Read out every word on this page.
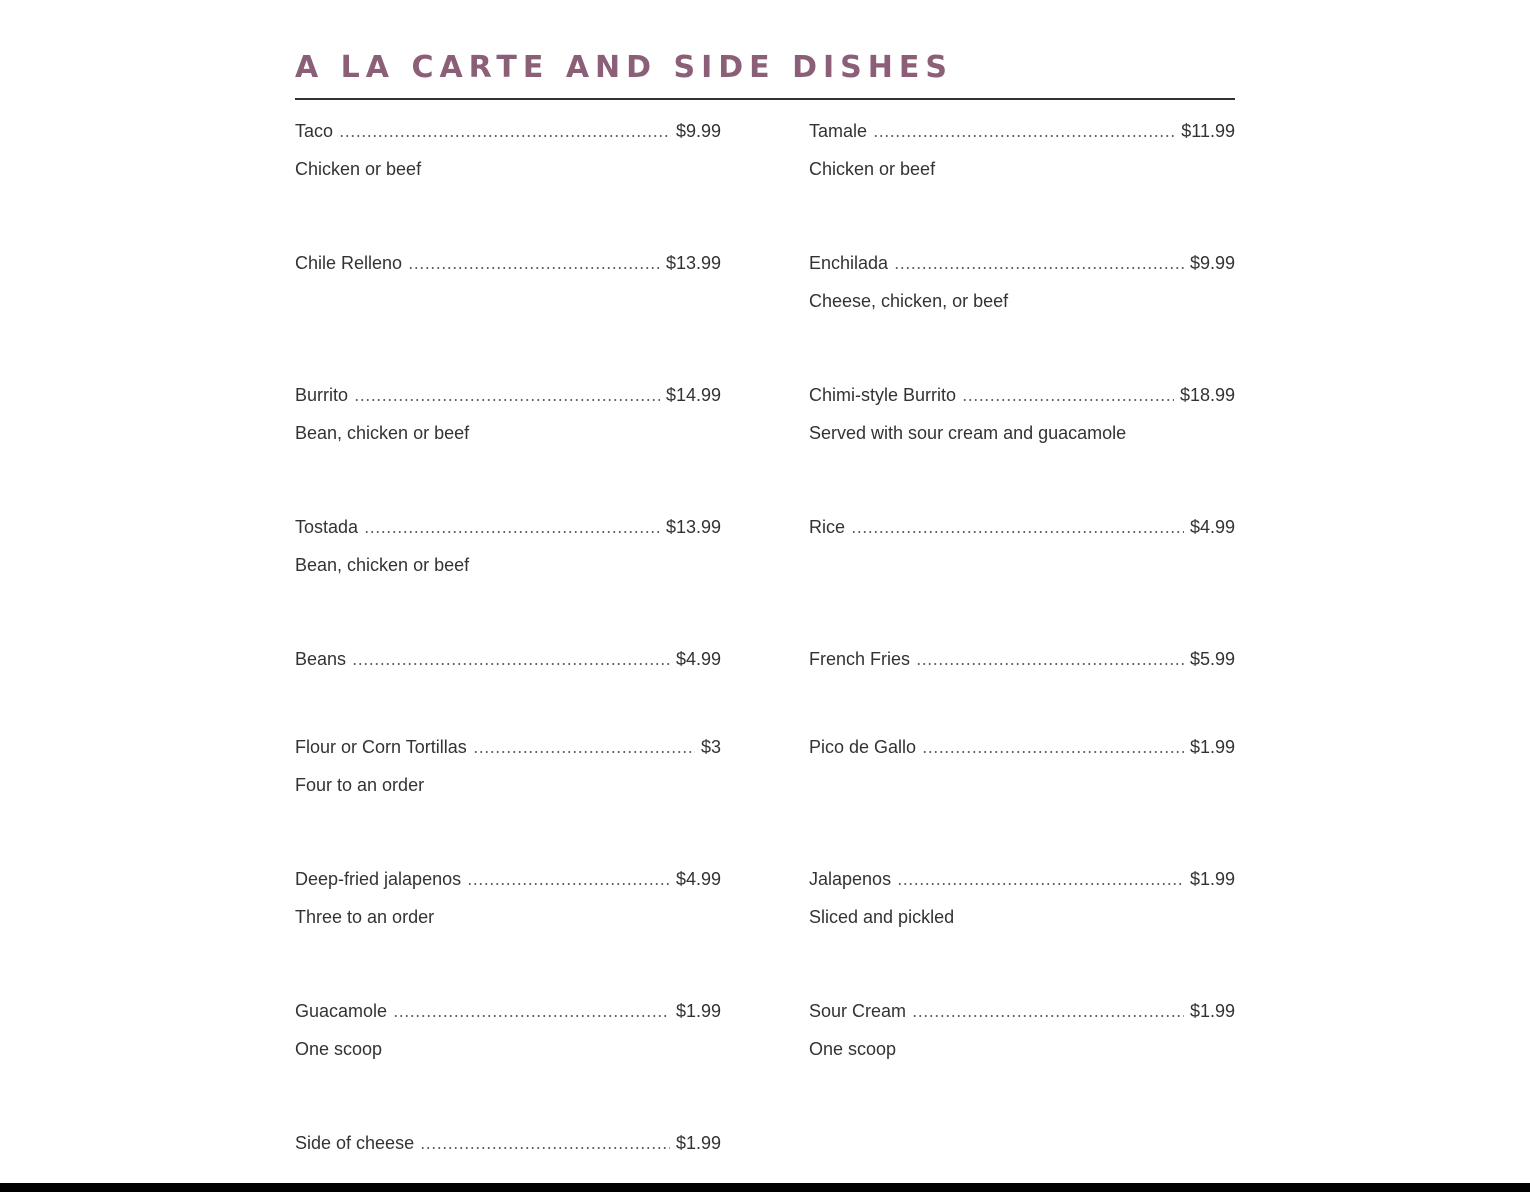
A LA CARTE AND SIDE DISHES
Taco	$9.99
Chicken or beef
Tamale	$11.99
Chicken or beef
Chile Relleno	$13.99	Enchilada	$9.99
Cheese, chicken, or beef
Burrito	$14.99
Bean, chicken or beef
Chimi-style Burrito	$18.99
Served with sour cream and guacamole
Tostada	$13.99
Bean, chicken or beef
Rice	$4.99
Beans	$4.99	French Fries	$5.99
Flour or Corn Tortillas	$3
Four to an order
Pico de Gallo	$1.99
Deep-fried jalapenos	$4.99
Three to an order
Jalapenos	$1.99
Sliced and pickled
Guacamole	$1.99
One scoop
Sour Cream	$1.99
One scoop
Side of cheese	$1.99
